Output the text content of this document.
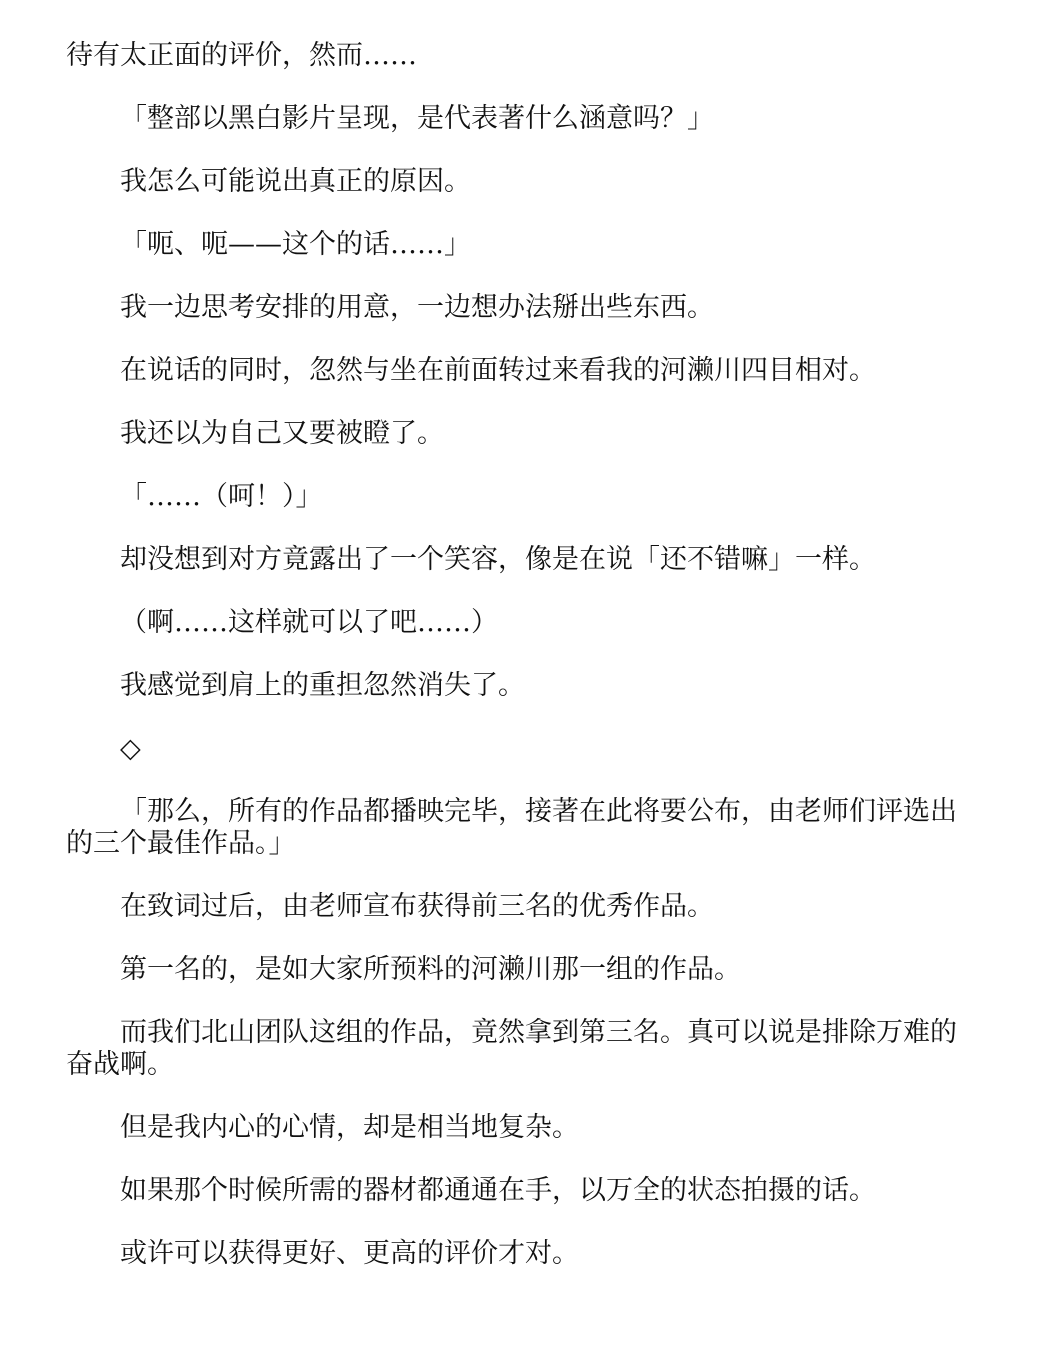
待有太正面的评价，然而……

「整部以黑白影片呈现，是代表著什么涵意吗？」

我怎么可能说出真正的原因。

「呃、呃——这个的话……」

我一边思考安排的用意，一边想办法掰出些东西。

在说话的同时，忽然与坐在前面转过来看我的河濑川四目相对。

我还以为自己又要被瞪了。

「……（呵！）」

却没想到对方竟露出了一个笑容，像是在说「还不错嘛」一样。

（啊……这样就可以了吧……）

我感觉到肩上的重担忽然消失了。

◇

「那么，所有的作品都播映完毕，接著在此将要公布，由老师们评选出的三个最佳作品。」

在致词过后，由老师宣布获得前三名的优秀作品。

第一名的，是如大家所预料的河濑川那一组的作品。

而我们北山团队这组的作品，竟然拿到第三名。真可以说是排除万难的奋战啊。

但是我内心的心情，却是相当地复杂。

如果那个时候所需的器材都通通在手，以万全的状态拍摄的话。

或许可以获得更好、更高的评价才对。
